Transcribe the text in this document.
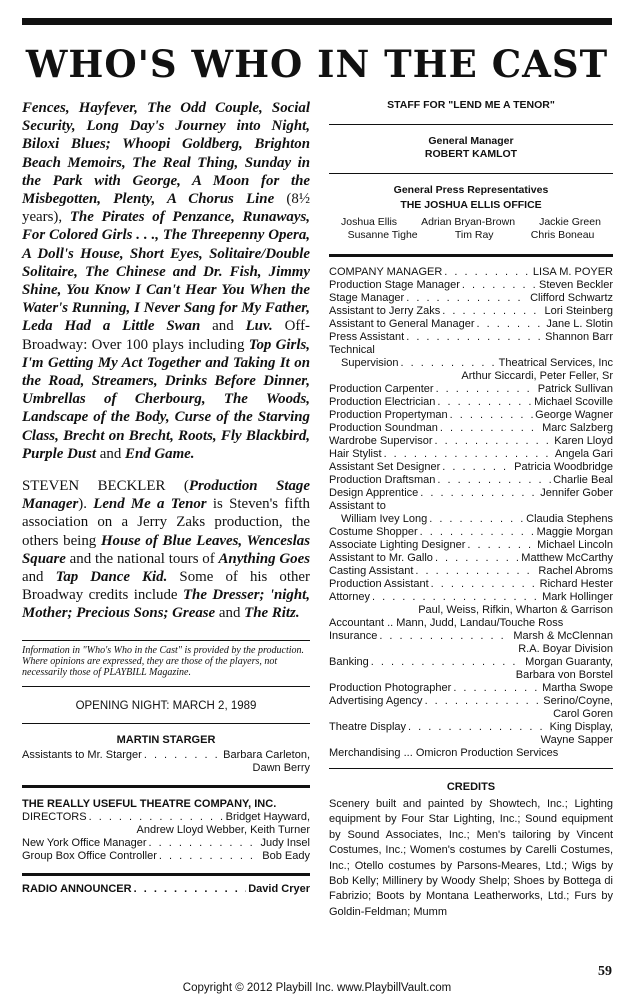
WHO'S WHO IN THE CAST

Fences, Hayfever, The Odd Couple, Social Security, Long Day's Journey into Night, Biloxi Blues; Whoopi Goldberg, Brighton Beach Memoirs, The Real Thing, Sunday in the Park with George, A Moon for the Misbegotten, Plenty, A Chorus Line (8½ years), The Pirates of Penzance, Runaways, For Colored Girls . . ., The Threepenny Opera, A Doll's House, Short Eyes, Solitaire/Double Solitaire, The Chinese and Dr. Fish, Jimmy Shine, You Know I Can't Hear You When the Water's Running, I Never Sang for My Father, Leda Had a Little Swan and Luv. Off-Broadway: Over 100 plays including Top Girls, I'm Getting My Act Together and Taking It on the Road, Streamers, Drinks Before Dinner, Umbrellas of Cherbourg, The Woods, Landscape of the Body, Curse of the Starving Class, Brecht on Brecht, Roots, Fly Blackbird, Purple Dust and End Game.

STEVEN BECKLER (Production Stage Manager). Lend Me a Tenor is Steven's fifth association on a Jerry Zaks production, the others being House of Blue Leaves, Wenceslas Square and the national tours of Anything Goes and Tap Dance Kid. Some of his other Broadway credits include The Dresser; 'night, Mother; Precious Sons; Grease and The Ritz.

Information in "Who's Who in the Cast" is provided by the production. Where opinions are expressed, they are those of the players, not necessarily those of PLAYBILL Magazine.
OPENING NIGHT: MARCH 2, 1989
MARTIN STARGER
Assistants to Mr. Starger . . .	Barbara Carleton,
Dawn Berry
THE REALLY USEFUL THEATRE COMPANY, INC.
DIRECTORS . . .	Bridget Hayward,
Andrew Lloyd Webber, Keith Turner
New York Office Manager . . .	Judy Insel
Group Box Office Controller . . .	Bob Eady
RADIO ANNOUNCER . . .	David Cryer
STAFF FOR "LEND ME A TENOR"
General Manager
ROBERT KAMLOT
General Press Representatives
THE JOSHUA ELLIS OFFICE
Joshua Ellis Adrian Bryan-Brown Jackie Green
Susanne Tighe	Tim Ray	Chris Boneau
COMPANY MANAGER . . .	LISA M. POYER
Production Stage Manager . . .	Steven Beckler
Stage Manager . . .	Clifford Schwartz
Assistant to Jerry Zaks . . .	Lori Steinberg
Assistant to General Manager . . .	Jane L. Slotin
Press Assistant . . .	Shannon Barr
Technical
Supervision . . .	Theatrical Services, Inc
Arthur Siccardi, Peter Feller, Sr
Production Carpenter . . .	Patrick Sullivan
Production Electrician . . .	Michael Scoville
Production Propertyman . . .	George Wagner
Production Soundman . . .	Marc Salzberg
Wardrobe Supervisor . . .	Karen Lloyd
Hair Stylist . . .	Angela Gari
Assistant Set Designer . . .	Patricia Woodbridge
Production Draftsman . . .	Charlie Beal
Design Apprentice . . .	Jennifer Gober
Assistant to
William Ivey Long . . .	Claudia Stephens
Costume Shopper . . .	Maggie Morgan
Associate Lighting Designer . . .	Michael Lincoln
Assistant to Mr. Gallo . . .	Matthew McCarthy
Casting Assistant . . .	Rachel Abroms
Production Assistant . . .	Richard Hester
Attorney . . .	Mark Hollinger
Paul, Weiss, Rifkin, Wharton & Garrison
Accountant .. Mann, Judd, Landau/Touche Ross
Insurance . . .	Marsh & McClennan
R.A. Boyar Division
Banking . . .	Morgan Guaranty,
Barbara von Borstel
Production Photographer . . .	Martha Swope
Advertising Agency . . .	Serino/Coyne,
Carol Goren
Theatre Display . . .	King Display,
Wayne Sapper
Merchandising ... Omicron Production Services
CREDITS

Scenery built and painted by Showtech, Inc.; Lighting equipment by Four Star Lighting, Inc.; Sound equipment by Sound Associates, Inc.; Men's tailoring by Vincent Costumes, Inc.; Women's costumes by Carelli Costumes, Inc.; Otello costumes by Parsons-Meares, Ltd.; Wigs by Bob Kelly; Millinery by Woody Shelp; Shoes by Bottega di Fabrizio; Boots by Montana Leatherworks, Ltd.; Furs by Goldin-Feldman; Mumm

59
Copyright © 2012 Playbill Inc. www.PlaybillVault.com
